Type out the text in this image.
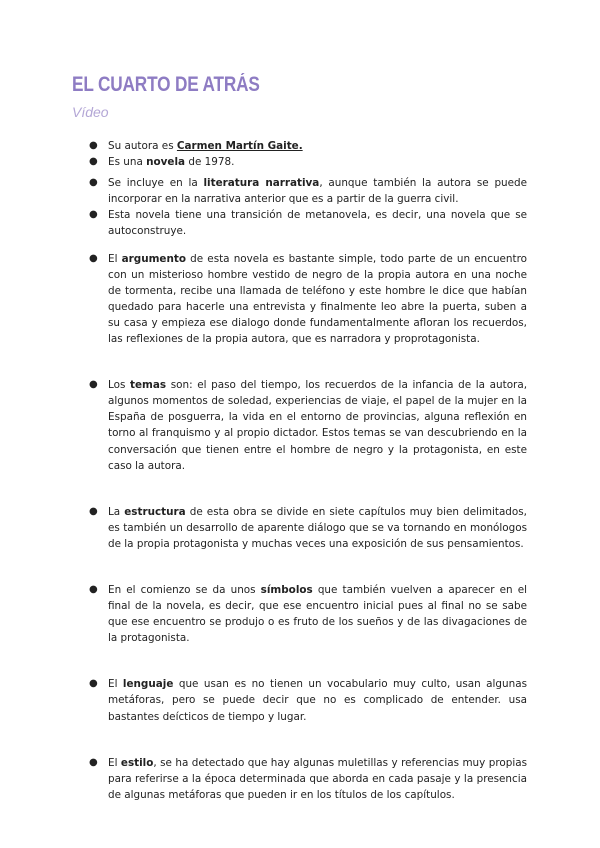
EL CUARTO DE ATRÁS

Vídeo

● Su autora es Carmen Martín Gaite.
● Es una novela de 1978.
● Se incluye en la literatura narrativa, aunque también la autora se puede incorporar en la narrativa anterior que es a partir de la guerra civil.
● Esta novela tiene una transición de metanovela, es decir, una novela que se autoconstruye.
● El argumento de esta novela es bastante simple, todo parte de un encuentro con un misterioso hombre vestido de negro de la propia autora en una noche de tormenta, recibe una llamada de teléfono y este hombre le dice que habían quedado para hacerle una entrevista y finalmente leo abre la puerta, suben a su casa y empieza ese dialogo donde fundamentalmente afloran los recuerdos, las reflexiones de la propia autora, que es narradora y proprotagonista.
● Los temas son: el paso del tiempo, los recuerdos de la infancia de la autora, algunos momentos de soledad, experiencias de viaje, el papel de la mujer en la España de posguerra, la vida en el entorno de provincias, alguna reflexión en torno al franquismo y al propio dictador. Estos temas se van descubriendo en la conversación que tienen entre el hombre de negro y la protagonista, en este caso la autora.
● La estructura de esta obra se divide en siete capítulos muy bien delimitados, es también un desarrollo de aparente diálogo que se va tornando en monólogos de la propia protagonista y muchas veces una exposición de sus pensamientos.
● En el comienzo se da unos símbolos que también vuelven a aparecer en el final de la novela, es decir, que ese encuentro inicial pues al final no se sabe que ese encuentro se produjo o es fruto de los sueños y de las divagaciones de la protagonista.
● El lenguaje que usan es no tienen un vocabulario muy culto, usan algunas metáforas, pero se puede decir que no es complicado de entender. usa bastantes deícticos de tiempo y lugar.
● El estilo, se ha detectado que hay algunas muletillas y referencias muy propias para referirse a la época determinada que aborda en cada pasaje y la presencia de algunas metáforas que pueden ir en los títulos de los capítulos.
